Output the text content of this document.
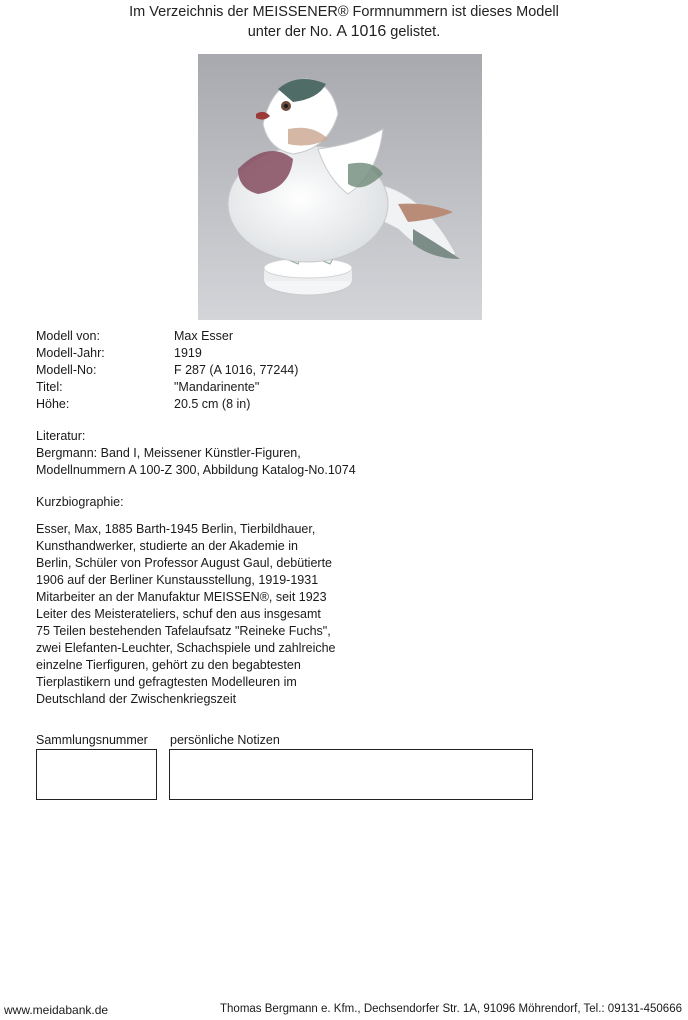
Im Verzeichnis der MEISSENER® Formnummern ist dieses Modell
unter der No. A 1016 gelistet.
Modell von:	Max Esser
Modell-Jahr:	1919
Modell-No:	F 287 (A 1016, 77244)
Titel:	"Mandarinente"
Höhe:	20.5 cm (8 in)
Literatur:
Bergmann: Band I, Meissener Künstler-Figuren,
Modellnummern A 100-Z 300, Abbildung Katalog-No.1074
Kurzbiographie:
Esser, Max, 1885 Barth-1945 Berlin, Tierbildhauer,
Kunsthandwerker, studierte an der Akademie in
Berlin, Schüler von Professor August Gaul, debütierte
1906 auf der Berliner Kunstausstellung, 1919-1931
Mitarbeiter an der Manufaktur MEISSEN®, seit 1923
Leiter des Meisterateliers, schuf den aus insgesamt
75 Teilen bestehenden Tafelaufsatz "Reineke Fuchs",
zwei Elefanten-Leuchter, Schachspiele und zahlreiche
einzelne Tierfiguren, gehört zu den begabtesten
Tierplastikern und gefragtesten Modelleuren im
Deutschland der Zwischenkriegszeit
Sammlungsnummer persönliche Notizen
www.meidabank.de	Thomas Bergmann e. Kfm., Dechsendorfer Str. 1A, 91096 Möhrendorf, Tel.: 09131-450666
